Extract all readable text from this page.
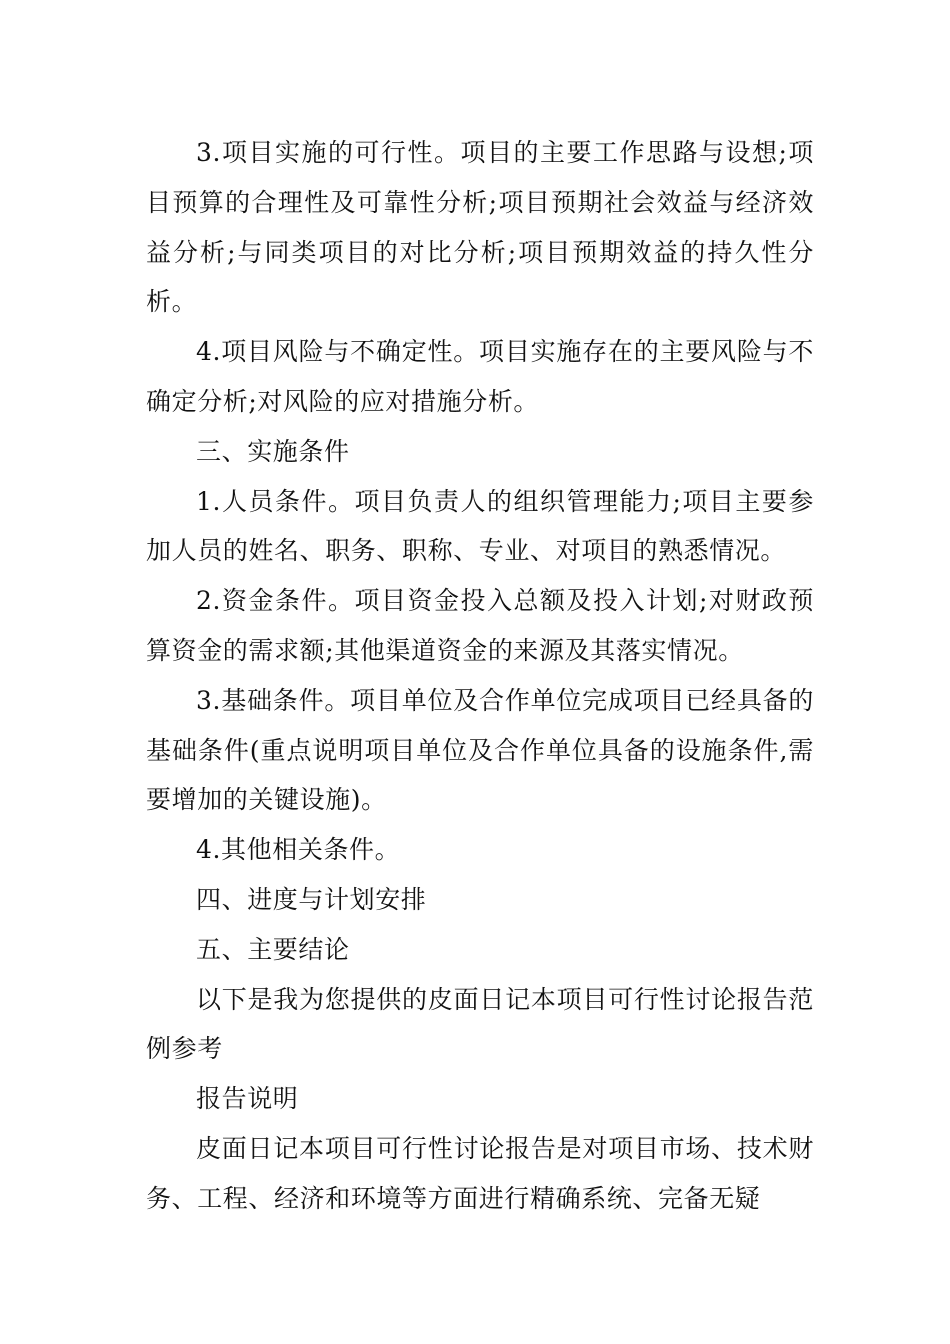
3.项目实施的可行性。项目的主要工作思路与设想;项目预算的合理性及可靠性分析;项目预期社会效益与经济效益分析;与同类项目的对比分析;项目预期效益的持久性分析。

4.项目风险与不确定性。项目实施存在的主要风险与不确定分析;对风险的应对措施分析。

三、实施条件

1.人员条件。项目负责人的组织管理能力;项目主要参加人员的姓名、职务、职称、专业、对项目的熟悉情况。

2.资金条件。项目资金投入总额及投入计划;对财政预算资金的需求额;其他渠道资金的来源及其落实情况。

3.基础条件。项目单位及合作单位完成项目已经具备的基础条件(重点说明项目单位及合作单位具备的设施条件,需要增加的关键设施)。

4.其他相关条件。

四、进度与计划安排

五、主要结论

以下是我为您提供的皮面日记本项目可行性讨论报告范例参考

报告说明

皮面日记本项目可行性讨论报告是对项目市场、技术财务、工程、经济和环境等方面进行精确系统、完备无疑
